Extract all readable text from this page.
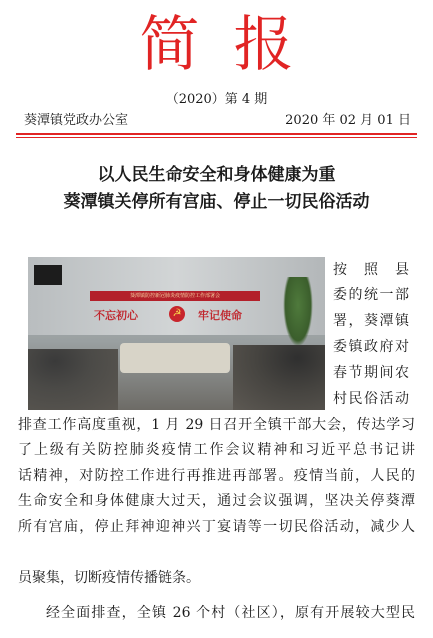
简报
（2020）第 4 期
葵潭镇党政办公室	2020 年 02 月 01 日
以人民生命安全和身体健康为重
葵潭镇关停所有宫庙、停止一切民俗活动
葵潭镇防控新冠肺炎疫情防控工作部署会
不忘初心	☭	牢记使命
按照县
委的统一部
署，葵潭镇
委镇政府对
春节期间农
村民俗活动
排查工作高度重视，1 月 29 日召开全镇干部大会，传达学习
了上级有关防控肺炎疫情工作会议精神和习近平总书记讲
话精神，对防控工作进行再推进再部署。疫情当前，人民的
生命安全和身体健康大过天，通过会议强调，坚决关停葵潭
所有宫庙，停止拜神迎神兴丁宴请等一切民俗活动，减少人
员聚集，切断疫情传播链条。
经全面排查，全镇 26 个村（社区），原有开展较大型民
